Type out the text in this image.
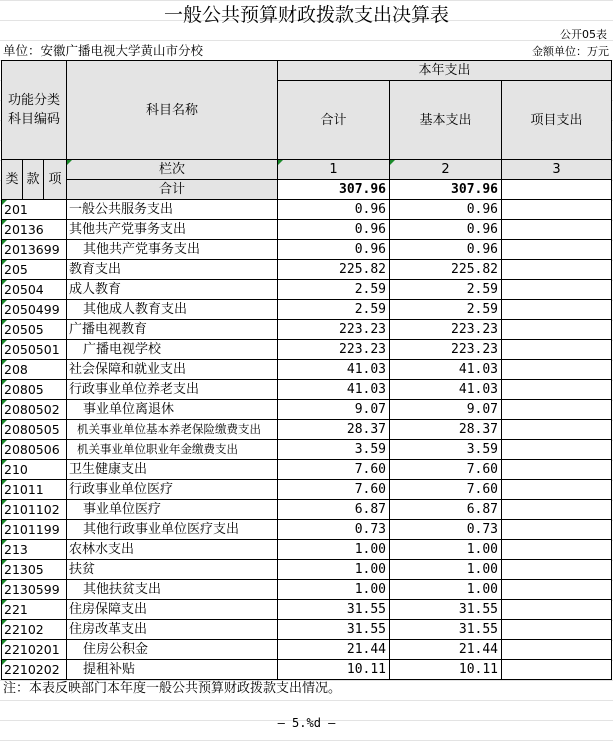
一般公共预算财政拨款支出决算表
公开05表
单位：安徽广播电视大学黄山市分校	金额单位：万元
功能分类科目编码			科目名称	本年支出		
				合计	基本支出	项目支出

类	款	项	栏次	1	2	3
			合计	307.96	307.96	
201			一般公共服务支出	0.96	0.96	
20136			其他共产党事务支出	0.96	0.96	
2013699			其他共产党事务支出	0.96	0.96	
205			教育支出	225.82	225.82	
20504			成人教育	2.59	2.59	
2050499			其他成人教育支出	2.59	2.59	
20505			广播电视教育	223.23	223.23	
2050501			广播电视学校	223.23	223.23	
208			社会保障和就业支出	41.03	41.03	
20805			行政事业单位养老支出	41.03	41.03	
2080502			事业单位离退休	9.07	9.07	
2080505			机关事业单位基本养老保险缴费支出	28.37	28.37	
2080506			机关事业单位职业年金缴费支出	3.59	3.59	
210			卫生健康支出	7.60	7.60	
21011			行政事业单位医疗	7.60	7.60	
2101102			事业单位医疗	6.87	6.87	
2101199			其他行政事业单位医疗支出	0.73	0.73	
213			农林水支出	1.00	1.00	
21305			扶贫	1.00	1.00	
2130599			其他扶贫支出	1.00	1.00	
221			住房保障支出	31.55	31.55	
22102			住房改革支出	31.55	31.55	
2210201			住房公积金	21.44	21.44	
2210202			提租补贴	10.11	10.11	
注：本表反映部门本年度一般公共预算财政拨款支出情况。
— 5.%d —
